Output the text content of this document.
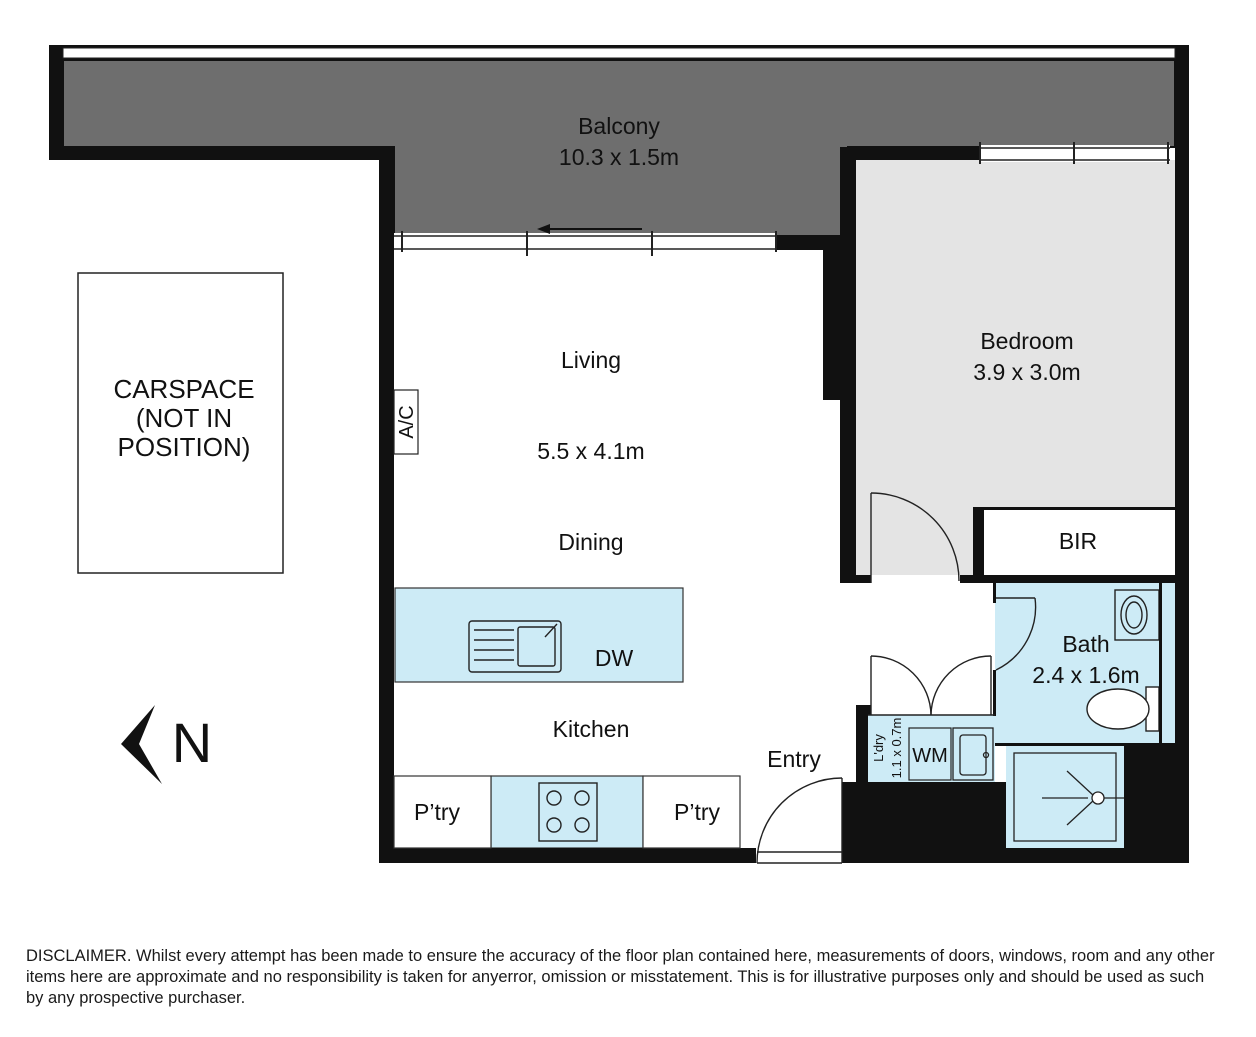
CARSPACE
(NOT IN
POSITION)
N
Balcony
10.3 x 1.5m
A/C
Living
5.5 x 4.1m
Dining
DW
Kitchen
P’try	P’try
Entry
Bedroom
3.9 x 3.0m
BIR
Bath
2.4 x 1.6m
WM
L'dry 1.1 x 0.7m
DISCLAIMER. Whilst every attempt has been made to ensure the accuracy of the floor plan contained here, measurements of doors, windows, room and any other items here are approximate and no responsibility is taken for anyerror, omission or misstatement. This is for illustrative purposes only and should be used as such by any prospective purchaser.
